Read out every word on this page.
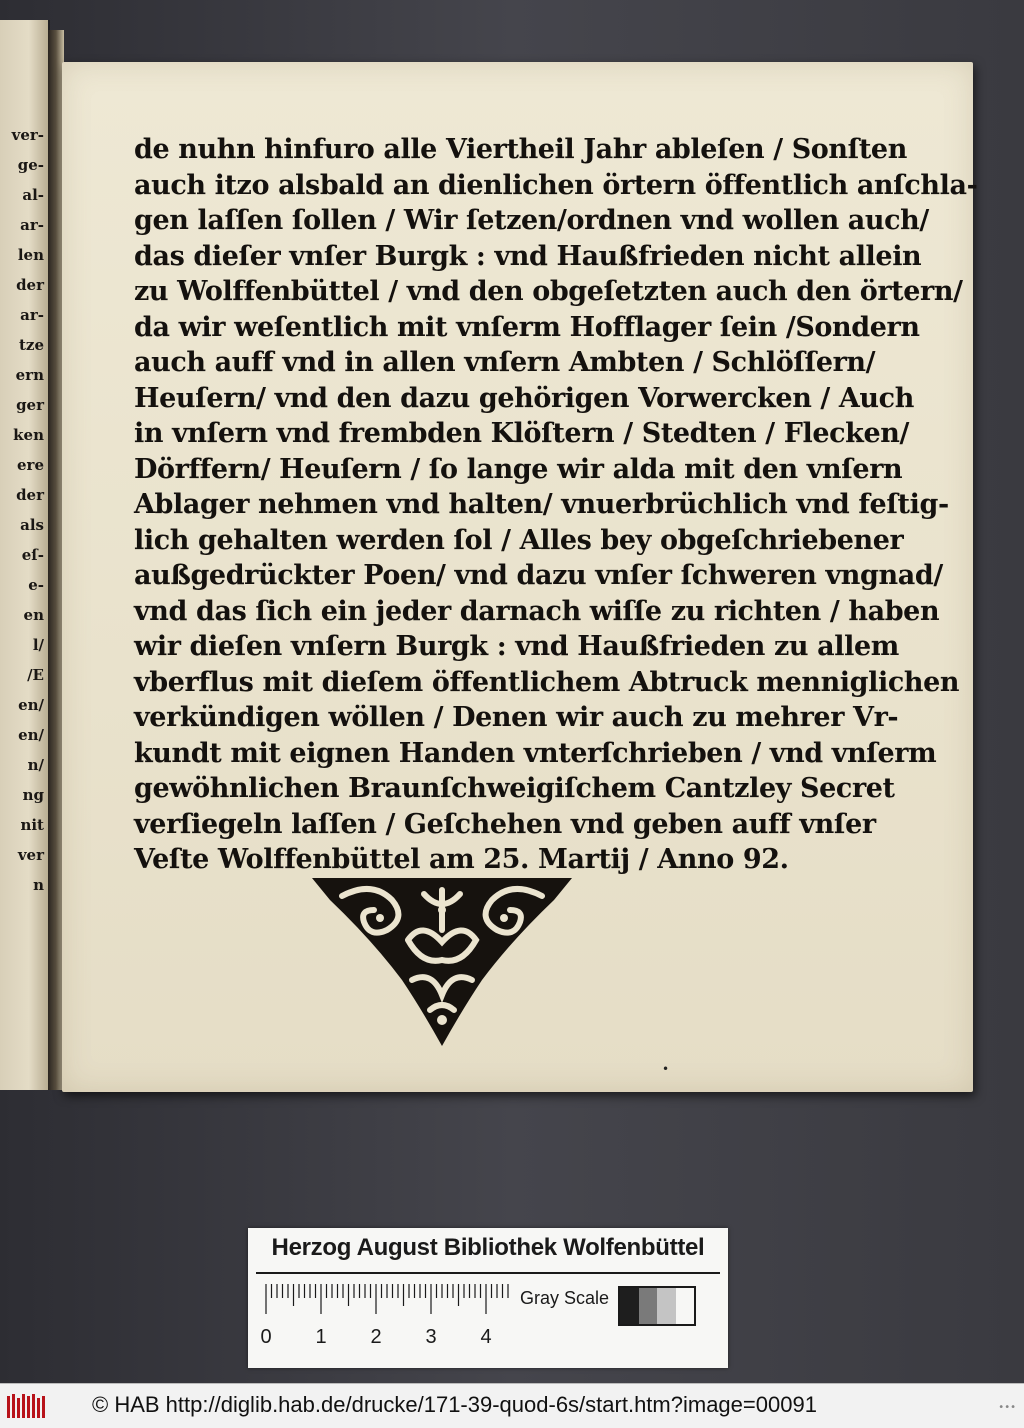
ver-
ge-
al-
ar-
len
der
ar-
tze
ern
ger
ken
ere
der
als
eſ-
e-
en
l/
/E
en/
en/
n/
ng
nit
ver
n
de nuhn hinfuro alle Viertheil Jahr ableſen / Sonſten
auch itzo alsbald an dienlichen örtern öffentlich anſchla-
gen laſſen ſollen / Wir ſetzen/ordnen vnd wollen auch/
das dieſer vnſer Burgk : vnd Haußfrieden nicht allein
zu Wolffenbüttel / vnd den obgeſetzten auch den örtern/
da wir weſentlich mit vnſerm Hofflager ſein /Sondern
auch auff vnd in allen vnſern Ambten / Schlöſſern/
Heuſern/ vnd den dazu gehörigen Vorwercken / Auch
in vnſern vnd frembden Klöſtern / Stedten / Flecken/
Dörffern/ Heuſern / ſo lange wir alda mit den vnſern
Ablager nehmen vnd halten/ vnuerbrüchlich vnd feſtig-
lich gehalten werden ſol / Alles bey obgeſchriebener
außgedrückter Poen/ vnd dazu vnſer ſchweren vngnad/
vnd das ſich ein jeder darnach wiſſe zu richten / haben
wir dieſen vnſern Burgk : vnd Haußfrieden zu allem
vberflus mit dieſem öffentlichem Abtruck menniglichen
verkündigen wöllen / Denen wir auch zu mehrer Vr-
kundt mit eignen Handen vnterſchrieben / vnd vnſerm
gewöhnlichen Braunſchweigiſchem Cantzley Secret
verſiegeln laſſen / Geſchehen vnd geben auff vnſer
Veſte Wolffenbüttel am 25. Martij / Anno 92.
•
Herzog August Bibliothek Wolfenbüttel
0 1 2 3 4
Gray Scale
© HAB http://diglib.hab.de/drucke/171-39-quod-6s/start.htm?image=00091	•••
